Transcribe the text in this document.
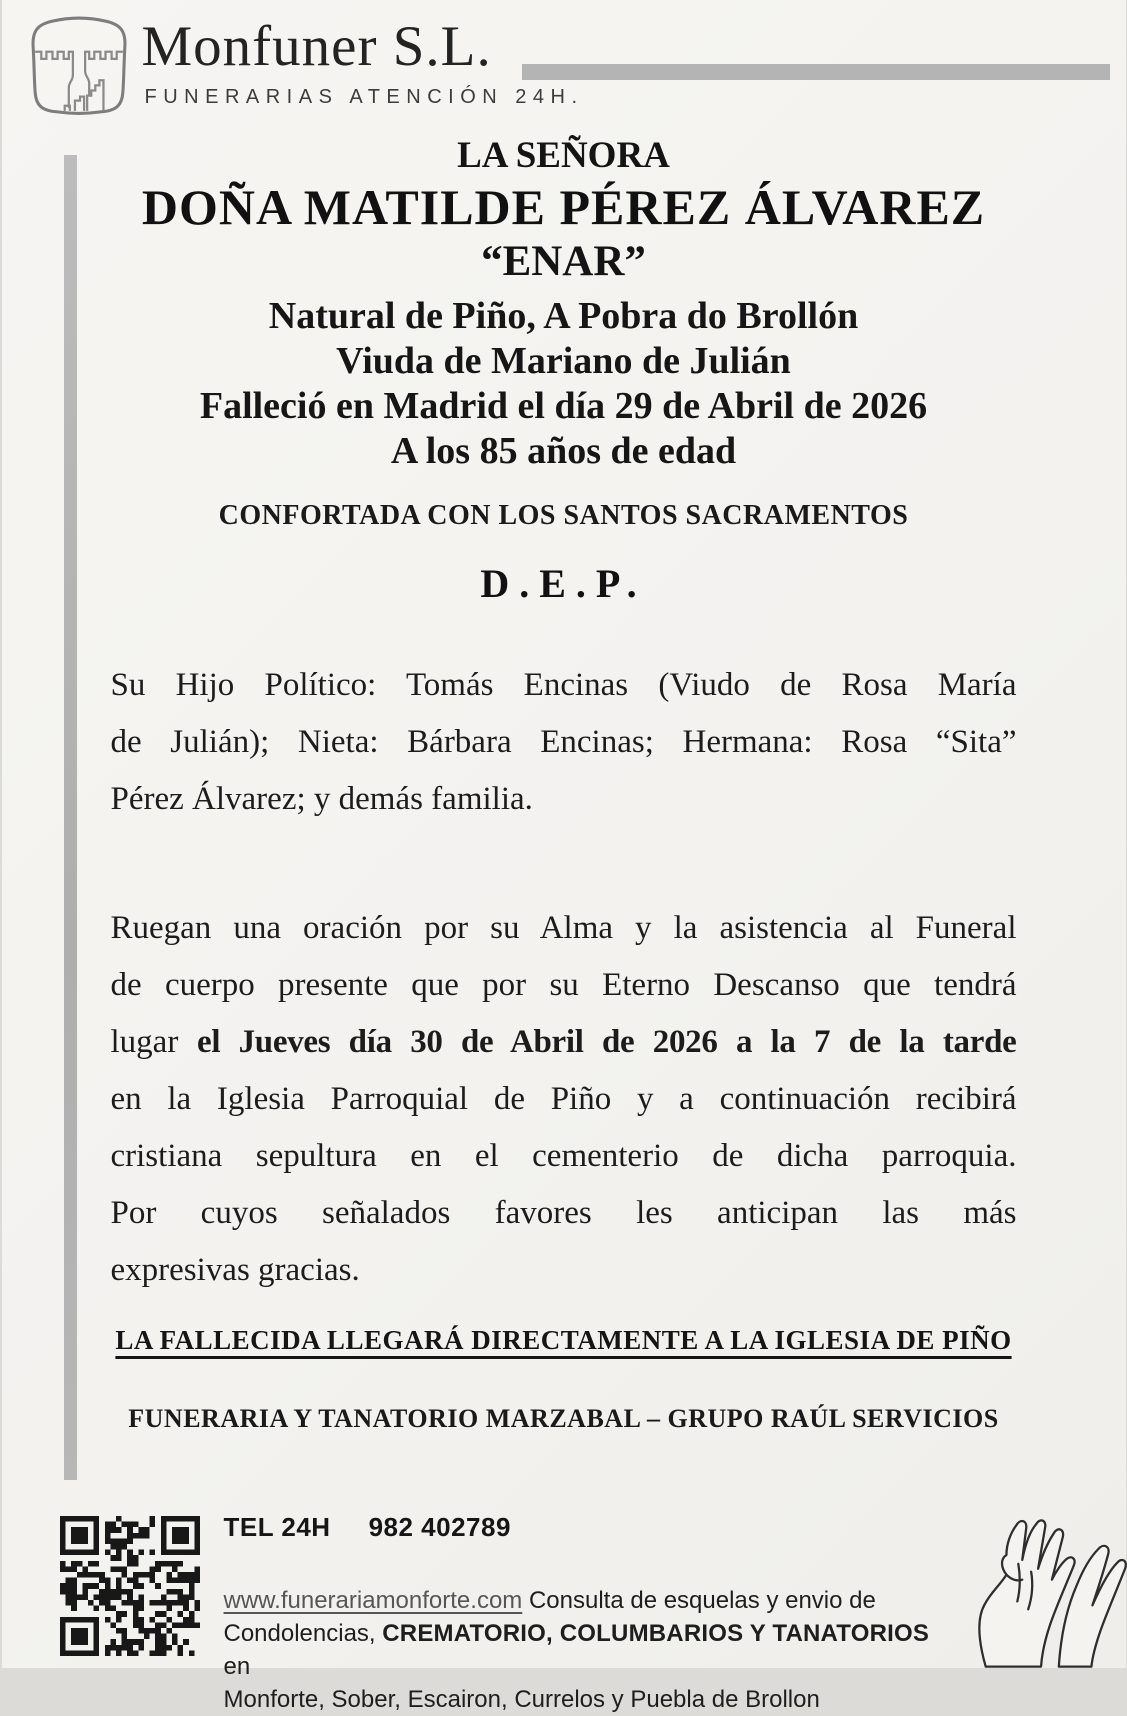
Monfuner S.L.
FUNERARIAS ATENCIÓN 24H.
LA SEÑORA
DOÑA MATILDE PÉREZ ÁLVAREZ
“ENAR”
Natural de Piño, A Pobra do Brollón
Viuda de Mariano de Julián
Falleció en Madrid el día 29 de Abril de 2026
A los 85 años de edad
CONFORTADA CON LOS SANTOS SACRAMENTOS
D.E.P.
Su Hijo Político: Tomás Encinas (Viudo de Rosa María
de Julián); Nieta: Bárbara Encinas; Hermana: Rosa “Sita”
Pérez Álvarez; y demás familia.
Ruegan una oración por su Alma y la asistencia al Funeral
de cuerpo presente que por su Eterno Descanso que tendrá
lugar el Jueves día 30 de Abril de 2026 a la 7 de la tarde
en la Iglesia Parroquial de Piño y a continuación recibirá
cristiana sepultura en el cementerio de dicha parroquia.
Por cuyos señalados favores les anticipan las más
expresivas gracias.
LA FALLECIDA LLEGARÁ DIRECTAMENTE A LA IGLESIA DE PIÑO
FUNERARIA Y TANATORIO MARZABAL – GRUPO RAÚL SERVICIOS
TEL 24H 982 402789
www.funerariamonforte.com Consulta de esquelas y envio de
Condolencias, CREMATORIO, COLUMBARIOS Y TANATORIOS en
Monforte, Sober, Escairon, Currelos y Puebla de Brollon
